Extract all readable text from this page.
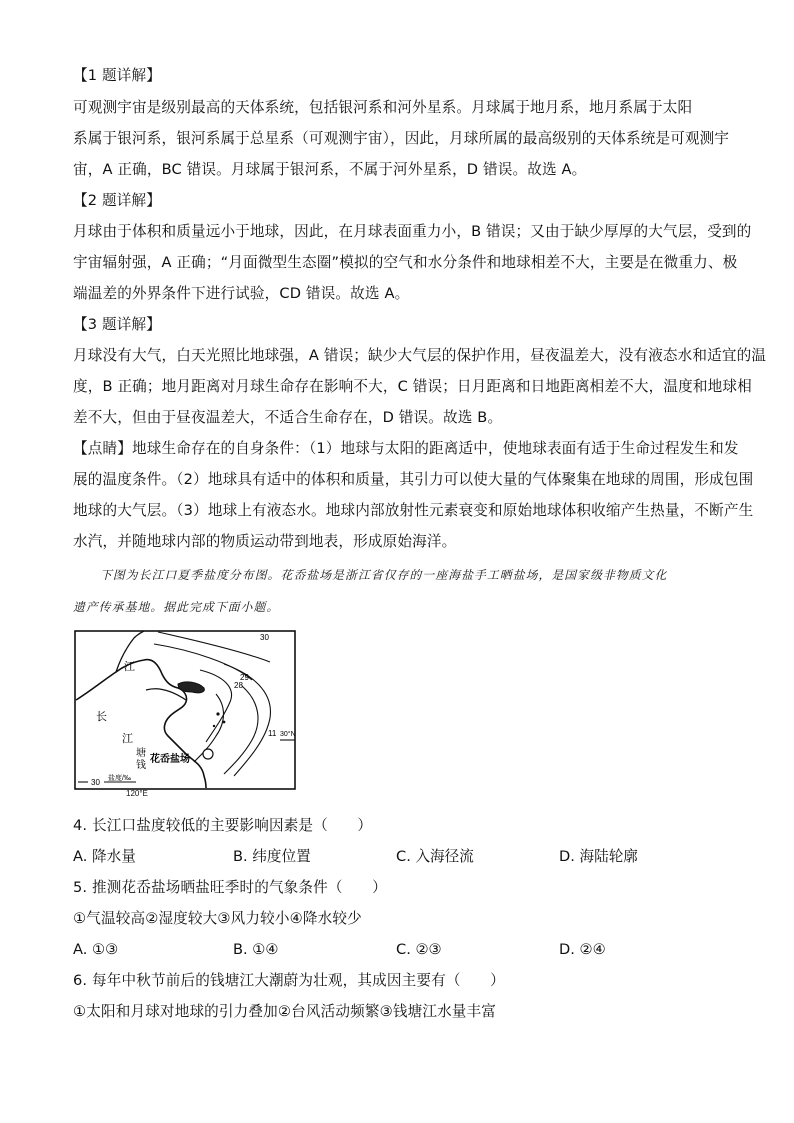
【1 题详解】
可观测宇宙是级别最高的天体系统，包括银河系和河外星系。月球属于地月系，地月系属于太阳
系属于银河系，银河系属于总星系（可观测宇宙），因此，月球所属的最高级别的天体系统是可观测宇
宙，A 正确，BC 错误。月球属于银河系，不属于河外星系，D 错误。故选 A。
【2 题详解】
月球由于体积和质量远小于地球，因此，在月球表面重力小，B 错误；又由于缺少厚厚的大气层，受到的
宇宙辐射强，A 正确；“月面微型生态圈”模拟的空气和水分条件和地球相差不大，主要是在微重力、极
端温差的外界条件下进行试验，CD 错误。故选 A。
【3 题详解】
月球没有大气，白天光照比地球强，A 错误；缺少大气层的保护作用，昼夜温差大，没有液态水和适宜的温
度，B 正确；地月距离对月球生命存在影响不大，C 错误；日月距离和日地距离相差不大，温度和地球相
差不大，但由于昼夜温差大，不适合生命存在，D 错误。故选 B。
【点睛】地球生命存在的自身条件：（1）地球与太阳的距离适中，使地球表面有适于生命过程发生和发
展的温度条件。（2）地球具有适中的体积和质量，其引力可以使大量的气体聚集在地球的周围，形成包围
地球的大气层。（3）地球上有液态水。地球内部放射性元素衰变和原始地球体积收缩产生热量，不断产生
水汽，并随地球内部的物质运动带到地表，形成原始海洋。
下图为长江口夏季盐度分布图。花岙盐场是浙江省仅存的一座海盐手工晒盐场，是国家级非物质文化
遗产传承基地。据此完成下面小题。
江
长
江
塘
钱
花岙盐场
30
29
28
11 30°N
30 盐度/‰
120°E
4. 长江口盐度较低的主要影响因素是（　　）
A. 降水量	B. 纬度位置	C. 入海径流	D. 海陆轮廓
5. 推测花岙盐场晒盐旺季时的气象条件（　　）
①气温较高②湿度较大③风力较小④降水较少
A. ①③	B. ①④	C. ②③	D. ②④
6. 每年中秋节前后的钱塘江大潮蔚为壮观，其成因主要有（　　）
①太阳和月球对地球的引力叠加②台风活动频繁③钱塘江水量丰富
